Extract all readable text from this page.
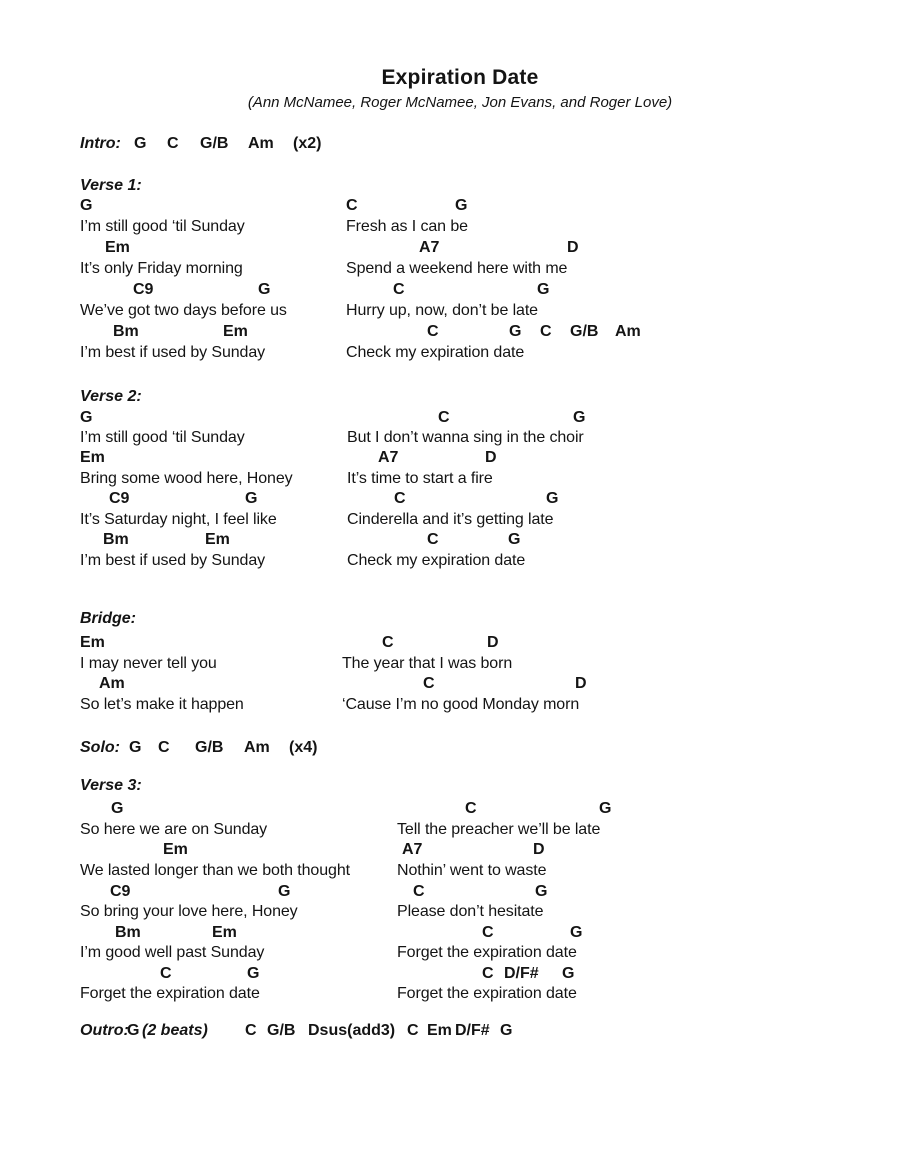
Expiration Date
(Ann McNamee, Roger McNamee, Jon Evans, and Roger Love)
Intro: G C G/B Am (x2)
Verse 1:
G	C	G
I’m still good ‘til Sunday	Fresh as I can be
Em	A7	D
It’s only Friday morning	Spend a weekend here with me
C9	G	C	G
We’ve got two days before us	Hurry up, now, don’t be late
Bm	Em	C	G C G/B Am
I’m best if used by Sunday	Check my expiration date
Verse 2:
G	C	G
I’m still good ‘til Sunday	But I don’t wanna sing in the choir
Em	A7	D
Bring some wood here, Honey	It’s time to start a fire
C9	G	C	G
It’s Saturday night, I feel like	Cinderella and it’s getting late
Bm	Em	C	G
I’m best if used by Sunday	Check my expiration date
Bridge:
Em	C	D
I may never tell you	The year that I was born
Am	C	D
So let’s make it happen	‘Cause I’m no good Monday morn
Solo: G C G/B Am (x4)
Verse 3:
G	C	G
So here we are on Sunday	Tell the preacher we’ll be late
Em	A7	D
We lasted longer than we both thought	Nothin’ went to waste
C9	G	C	G
So bring your love here, Honey	Please don’t hesitate
Bm	Em	C	G
I’m good well past Sunday	Forget the expiration date
C	G	C D/F# G
Forget the expiration date	Forget the expiration date
Outro:
G (2 beats) C G/B Dsus(add3) C Em D/F# G
